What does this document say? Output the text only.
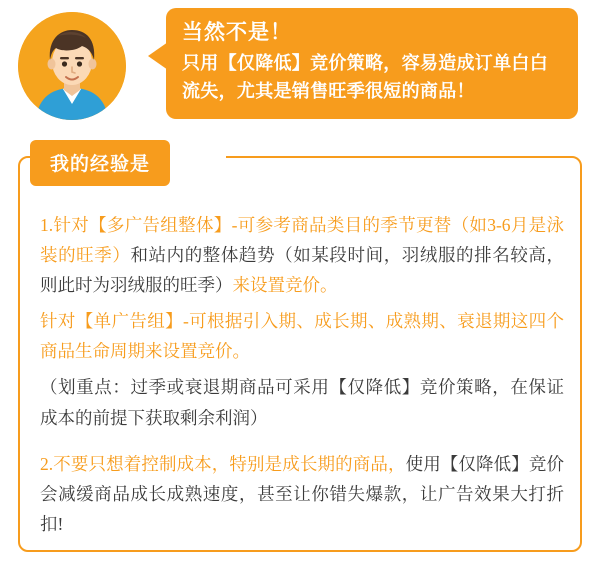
当然不是！
只用【仅降低】竞价策略，容易造成订单白白流失，尤其是销售旺季很短的商品！
我的经验是

1.针对【多广告组整体】-可参考商品类目的季节更替（如3-6月是泳装的旺季）和站内的整体趋势（如某段时间，羽绒服的排名较高，则此时为羽绒服的旺季）来设置竞价。

针对【单广告组】-可根据引入期、成长期、成熟期、衰退期这四个商品生命周期来设置竞价。

（划重点：过季或衰退期商品可采用【仅降低】竞价策略，在保证成本的前提下获取剩余利润）

2.不要只想着控制成本，特别是成长期的商品，使用【仅降低】竞价会减缓商品成长成熟速度，甚至让你错失爆款，让广告效果大打折扣!
